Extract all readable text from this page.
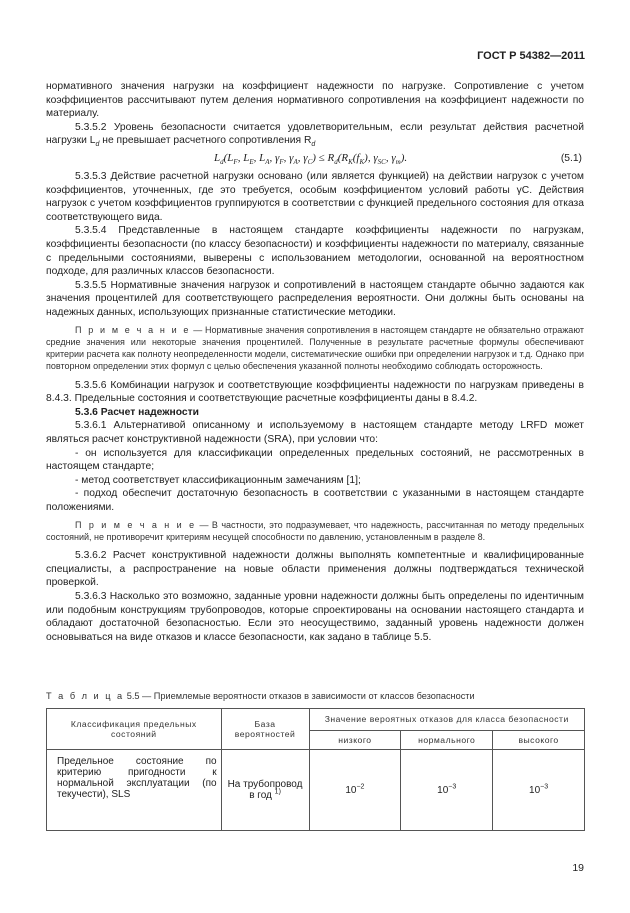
ГОСТ Р 54382—2011

нормативного значения нагрузки на коэффициент надежности по нагрузке. Сопротивление с учетом коэффициентов рассчитывают путем деления нормативного сопротивления на коэффициент надежности по материалу.

5.3.5.2 Уровень безопасности считается удовлетворительным, если результат действия расчетной нагрузки $L_d$ не превышает расчетного сопротивления $R_d$

$L_d(L_F$, $L_E$, $L_A$, $\gamma_F$, $\gamma_A$, $\gamma_C) \le R_d(R_K(f_K)$, $\gamma_{SC}$, $\gamma_m$).	(5.1)

5.3.5.3 Действие расчетной нагрузки основано (или является функцией) на действии нагрузок с учетом коэффициентов, уточненных, где это требуется, особым коэффициентом условий работы γC. Действия нагрузок с учетом коэффициентов группируются в соответствии с функцией предельного состояния для отказа соответствующего вида.

5.3.5.4 Представленные в настоящем стандарте коэффициенты надежности по нагрузкам, коэффициенты безопасности (по классу безопасности) и коэффициенты надежности по материалу, связанные с предельными состояниями, выверены с использованием методологии, основанной на вероятностном подходе, для различных классов безопасности.

5.3.5.5 Нормативные значения нагрузок и сопротивлений в настоящем стандарте обычно задаются как значения процентилей для соответствующего распределения вероятности. Они должны быть основаны на надежных данных, использующих признанные статистические методики.

П р и м е ч а н и е — Нормативные значения сопротивления в настоящем стандарте не обязательно отражают средние значения или некоторые значения процентилей. Полученные в результате расчетные формулы обеспечивают критерии расчета как полноту неопределенности модели, систематические ошибки при определении нагрузок и т.д. Однако при повторном определении этих формул с целью обеспечения указанной полноты необходимо соблюдать осторожность.

5.3.5.6 Комбинации нагрузок и соответствующие коэффициенты надежности по нагрузкам приведены в 8.4.3. Предельные состояния и соответствующие расчетные коэффициенты даны в 8.4.2.

5.3.6 Расчет надежности

5.3.6.1 Альтернативой описанному и используемому в настоящем стандарте методу LRFD может являться расчет конструктивной надежности (SRA), при условии что:

- он используется для классификации определенных предельных состояний, не рассмотренных в настоящем стандарте;

- метод соответствует классификационным замечаниям [1];

- подход обеспечит достаточную безопасность в соответствии с указанными в настоящем стандарте положениями.

П р и м е ч а н и е — В частности, это подразумевает, что надежность, рассчитанная по методу предельных состояний, не противоречит критериям несущей способности по давлению, установленным в разделе 8.

5.3.6.2 Расчет конструктивной надежности должны выполнять компетентные и квалифицированные специалисты, а распространение на новые области применения должны подтверждаться технической проверкой.

5.3.6.3 Насколько это возможно, заданные уровни надежности должны быть определены по идентичным или подобным конструкциям трубопроводов, которые спроектированы на основании настоящего стандарта и обладают достаточной безопасностью. Если это неосуществимо, заданный уровень надежности должен основываться на виде отказов и классе безопасности, как задано в таблице 5.5.

Т а б л и ц а 5.5 — Приемлемые вероятности отказов в зависимости от классов безопасности
Классификация предельных состояний	База вероятностей	Значение вероятных отказов для класса безопасности		
		низкого	нормального	высокого
Предельное состояние по критерию пригодности к нормальной эксплуатации (по текучести), SLS	На трубопровод в год $^{1)}$	$10^{-2}$	$10^{-3}$	$10^{-3}$
19
